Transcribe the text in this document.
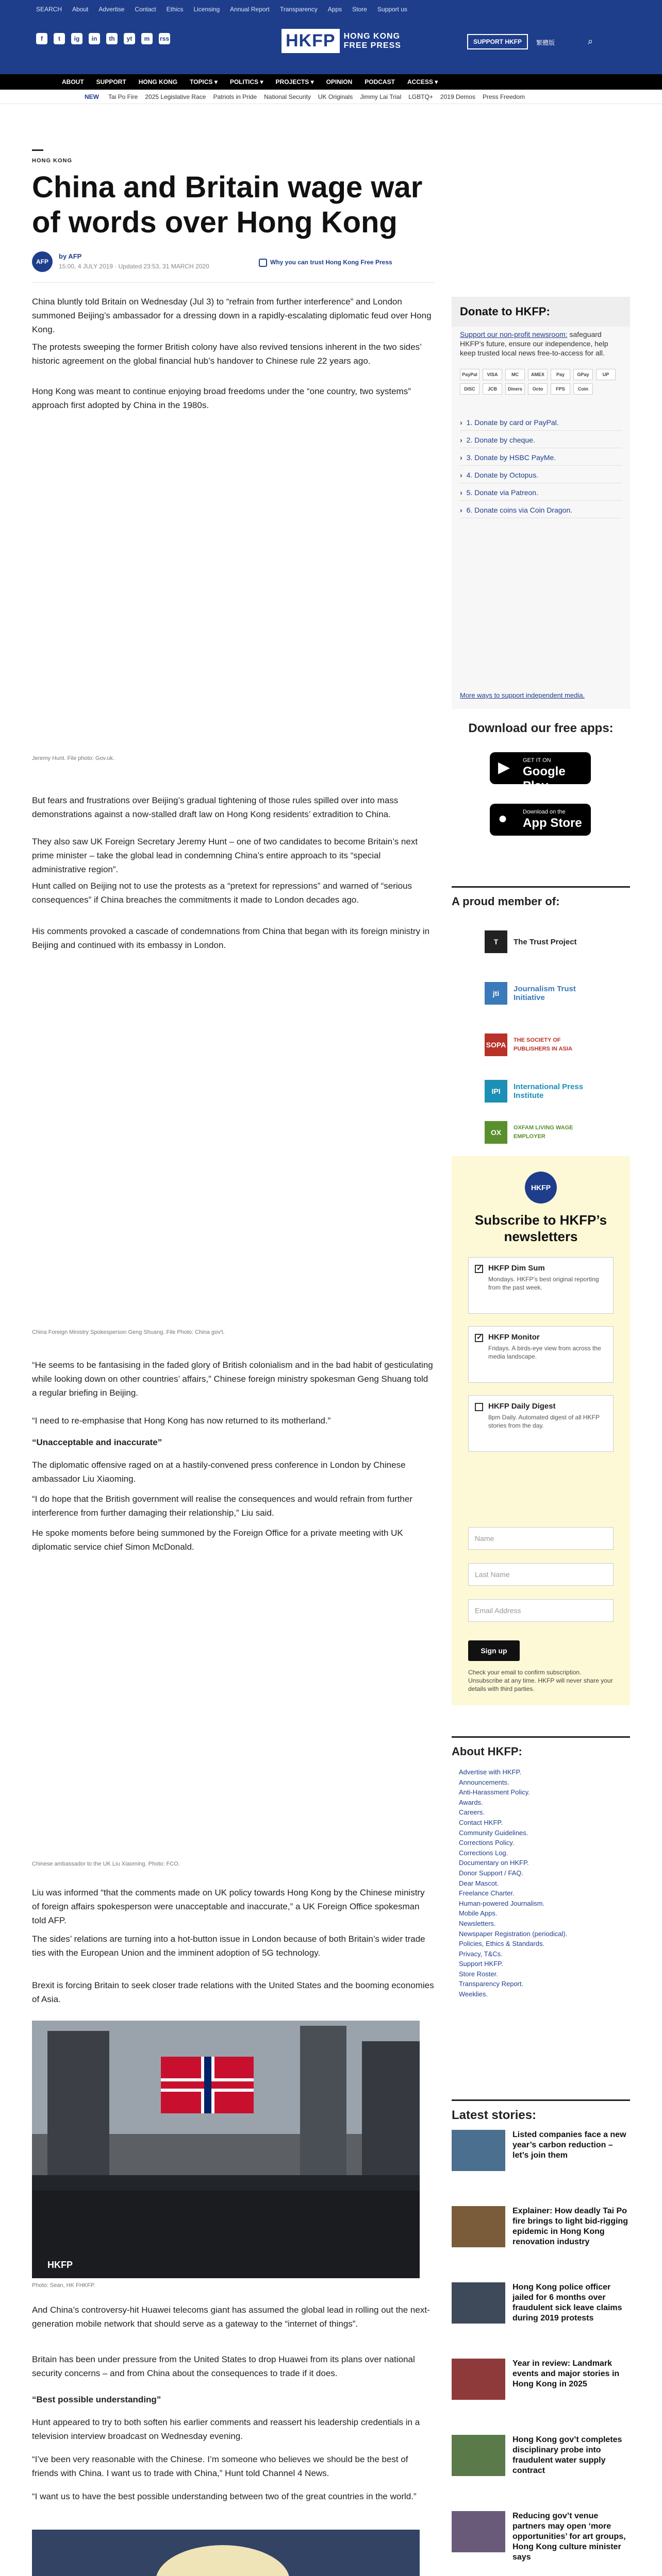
SEARCH About Advertise Contact Ethics Licensing Annual Report Transparency Apps Store Support us
f	t	ig	in	th	yt	m	rss	HKFP	HONG KONG
FREE PRESS	SUPPORT HKFP	繁體版	⌕
ABOUT SUPPORT HONG KONG TOPICS ▾ POLITICS ▾ PROJECTS ▾ OPINION PODCAST ACCESS ▾
NEW Tai Po Fire 2025 Legislative Race Patriots in Pride National Security UK Originals Jimmy Lai Trial LGBTQ+ 2019 Demos Press Freedom
HONG KONG
China and Britain wage war of words over Hong Kong
AFP
by AFP
15:00, 4 JULY 2019 · Updated 23:53, 31 MARCH 2020
Why you can trust Hong Kong Free Press

China bluntly told Britain on Wednesday (Jul 3) to “refrain from further interference” and London summoned Beijing’s ambassador for a dressing down in a rapidly-escalating diplomatic feud over Hong Kong.

The protests sweeping the former British colony have also revived tensions inherent in the two sides’ historic agreement on the global financial hub’s handover to Chinese rule 22 years ago.

Hong Kong was meant to continue enjoying broad freedoms under the “one country, two systems” approach first adopted by China in the 1980s.

Jeremy Hunt. File photo: Gov.uk.

But fears and frustrations over Beijing’s gradual tightening of those rules spilled over into mass demonstrations against a now-stalled draft law on Hong Kong residents’ extradition to China.

They also saw UK Foreign Secretary Jeremy Hunt – one of two candidates to become Britain’s next prime minister – take the global lead in condemning China’s entire approach to its “special administrative region”.

Hunt called on Beijing not to use the protests as a “pretext for repressions” and warned of “serious consequences” if China breaches the commitments it made to London decades ago.

His comments provoked a cascade of condemnations from China that began with its foreign ministry in Beijing and continued with its embassy in London.

China Foreign Ministry Spokesperson Geng Shuang. File Photo: China gov't.

“He seems to be fantasising in the faded glory of British colonialism and in the bad habit of gesticulating while looking down on other countries’ affairs,” Chinese foreign ministry spokesman Geng Shuang told a regular briefing in Beijing.

“I need to re-emphasise that Hong Kong has now returned to its motherland.”

“Unacceptable and inaccurate”

The diplomatic offensive raged on at a hastily-convened press conference in London by Chinese ambassador Liu Xiaoming.

“I do hope that the British government will realise the consequences and would refrain from further interference from further damaging their relationship,” Liu said.

He spoke moments before being summoned by the Foreign Office for a private meeting with UK diplomatic service chief Simon McDonald.

Chinese ambassador to the UK Liu Xiaoming. Photo: FCO.

Liu was informed “that the comments made on UK policy towards Hong Kong by the Chinese ministry of foreign affairs spokesperson were unacceptable and inaccurate,” a UK Foreign Office spokesman told AFP.

The sides’ relations are turning into a hot-button issue in London because of both Britain’s wider trade ties with the European Union and the imminent adoption of 5G technology.

Brexit is forcing Britain to seek closer trade relations with the United States and the booming economies of Asia.

HKFP
Photo: Sean, HK FHKFP.

And China’s controversy-hit Huawei telecoms giant has assumed the global lead in rolling out the next-generation mobile network that should serve as a gateway to the “internet of things”.

Britain has been under pressure from the United States to drop Huawei from its plans over national security concerns – and from China about the consequences to trade if it does.

“Best possible understanding”

Hunt appeared to try to both soften his earlier comments and reassert his leadership credentials in a television interview broadcast on Wednesday evening.

“I’ve been very reasonable with the Chinese. I’m someone who believes we should be the best of friends with China. I want us to trade with China,” Hunt told Channel 4 News.

“I want us to have the best possible understanding between two of the great countries in the world.”

Donate to HKFP:
Support our non-profit newsroom: safeguard HKFP’s future, ensure our independence, help keep trusted local news free-to-access for all.
PayPal	VISA	MC	AMEX	Pay	GPay	UP
DISC	JCB	Diners	Octo	FPS	Coin
› 1. Donate by card or PayPal.
› 2. Donate by cheque.
› 3. Donate by HSBC PayMe.
› 4. Donate by Octopus.
› 5. Donate via Patreon.
› 6. Donate coins via Coin Dragon.
More ways to support independent media.
Download our free apps:
▶ GET IT ON
Google Play
●	Download on the
App Store
A proud member of:
T	The Trust Project
jti	Journalism Trust Initiative
SOPA
THE SOCIETY OF PUBLISHERS IN ASIA
IPI	International Press Institute
OX
OXFAM LIVING WAGE EMPLOYER
HKFP
Subscribe to HKFP’s newsletters
✓
HKFP Dim Sum
Mondays. HKFP’s best original reporting from the past week.
✓
HKFP Monitor
Fridays. A birds-eye view from across the media landscape.
HKFP Daily Digest
8pm Daily. Automated digest of all HKFP stories from the day.
Name
Last Name
Email Address
Sign up
Check your email to confirm subscription. Unsubscribe at any time. HKFP will never share your details with third parties.
About HKFP:
Advertise with HKFP.
Announcements.
Anti-Harassment Policy.
Awards.
Careers.
Contact HKFP.
Community Guidelines.
Corrections Policy.
Corrections Log.
Documentary on HKFP.
Donor Support / FAQ.
Dear Mascot.
Freelance Charter.
Human-powered Journalism.
Mobile Apps.
Newsletters.
Newspaper Registration (periodical).
Policies, Ethics & Standards.
Privacy, T&Cs.
Support HKFP.
Store Roster.
Transparency Report.
Weeklies.
Latest stories:
Listed companies face a new year’s carbon reduction – let’s join them
Explainer: How deadly Tai Po fire brings to light bid-rigging epidemic in Hong Kong renovation industry
Hong Kong police officer jailed for 6 months over fraudulent sick leave claims during 2019 protests
Year in review: Landmark events and major stories in Hong Kong in 2025
Hong Kong gov’t completes disciplinary probe into fraudulent water supply contract
Reducing gov’t venue partners may open ‘more opportunities’ for art groups, Hong Kong culture minister says
